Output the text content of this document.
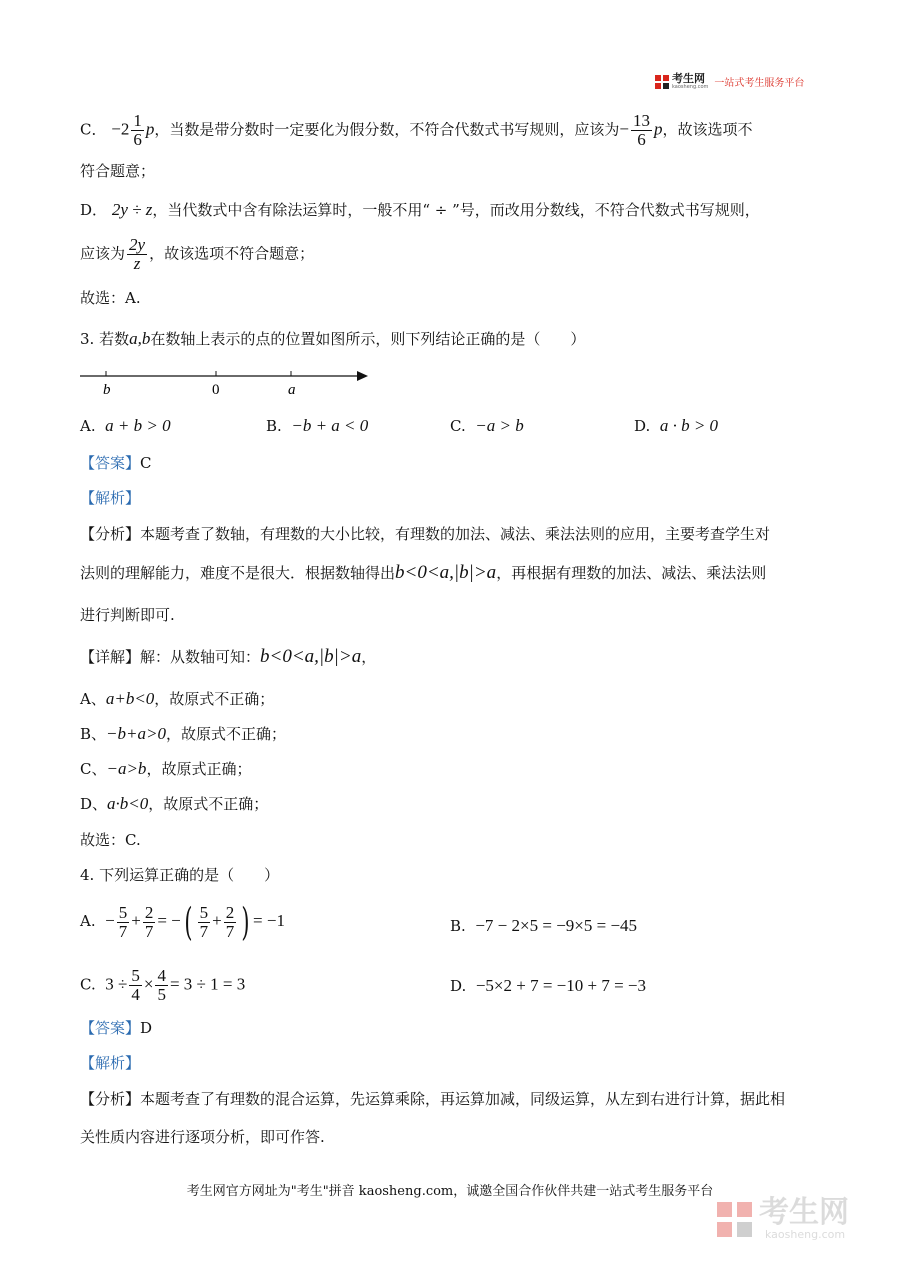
考生网
kaosheng.com 一站式考生服务平台
C． $-2 \frac{1}{6}$ p，当数是带分数时一定要化为假分数，不符合代数式书写规则，应该为− $\frac{13}{6}$ p，故该选项不
符合题意；
D． 2y ÷ z，当代数式中含有除法运算时，一般不用“ ÷ ”号，而改用分数线，不符合代数式书写规则，
应该为 $\frac{2y}{z}$ ，故该选项不符合题意；
故选：A.
3. 若数a,b在数轴上表示的点的位置如图所示，则下列结论正确的是（　　）
b	0	a
A. a + b > 0	B. −b + a < 0	C. −a > b	D. a · b > 0
【答案】C
【解析】
【分析】本题考查了数轴，有理数的大小比较，有理数的加法、减法、乘法法则的应用，主要考查学生对
法则的理解能力，难度不是很大．根据数轴得出b<0<a,|b|>a，再根据有理数的加法、减法、乘法法则
进行判断即可.
【详解】解：从数轴可知：b<0<a,|b|>a，
A、a+b<0，故原式不正确；
B、−b+a>0，故原式不正确；
C、−a>b，故原式正确；
D、a·b<0，故原式不正确；
故选：C.
4. 下列运算正确的是（　　）
A. − $\frac{5}{7} + \frac{2}{7}$ = −( $\frac{5}{7} + \frac{2}{7}$ ) = −1	B. −7 − 2×5 = −9×5 = −45
C. $3 \div \frac{5}{4} \times \frac{4}{5} = 3 \div 1 = 3$	D. −5×2 + 7 = −10 + 7 = −3
【答案】D
【解析】
【分析】本题考查了有理数的混合运算，先运算乘除，再运算加减，同级运算，从左到右进行计算，据此相
关性质内容进行逐项分析，即可作答.
考生网官方网址为"考生"拼音 kaosheng.com，诚邀全国合作伙伴共建一站式考生服务平台
考生网
kaosheng.com
